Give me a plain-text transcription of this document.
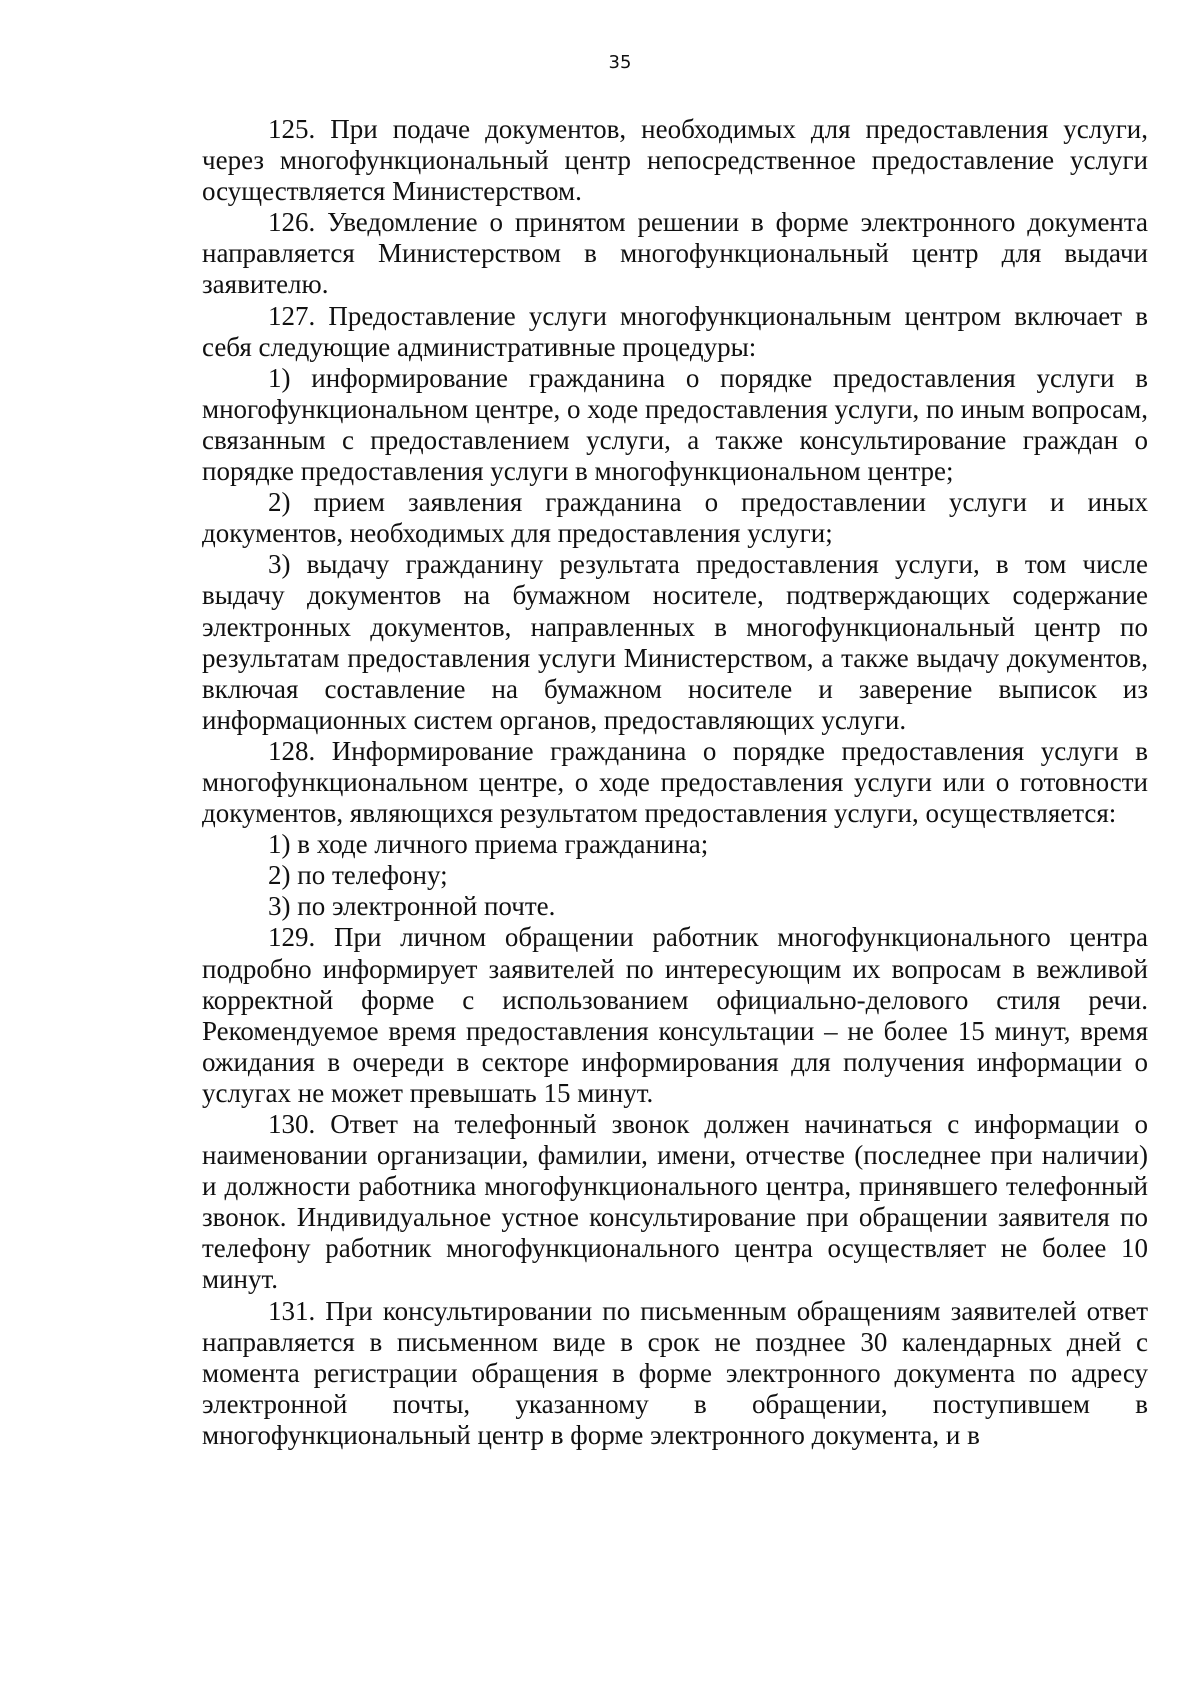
35

125. При подаче документов, необходимых для предоставления услуги, через многофункциональный центр непосредственное предоставление услуги осуществляется Министерством.

126. Уведомление о принятом решении в форме электронного документа направляется Министерством в многофункциональный центр для выдачи заявителю.

127. Предоставление услуги многофункциональным центром включает в себя следующие административные процедуры:

1) информирование гражданина о порядке предоставления услуги в многофункциональном центре, о ходе предоставления услуги, по иным вопросам, связанным с предоставлением услуги, а также консультирование граждан о порядке предоставления услуги в многофункциональном центре;

2) прием заявления гражданина о предоставлении услуги и иных документов, необходимых для предоставления услуги;

3) выдачу гражданину результата предоставления услуги, в том числе выдачу документов на бумажном носителе, подтверждающих содержание электронных документов, направленных в многофункциональный центр по результатам предоставления услуги Министерством, а также выдачу документов, включая составление на бумажном носителе и заверение выписок из информационных систем органов, предоставляющих услуги.

128. Информирование гражданина о порядке предоставления услуги в многофункциональном центре, о ходе предоставления услуги или о готовности документов, являющихся результатом предоставления услуги, осуществляется:

1) в ходе личного приема гражданина;

2) по телефону;

3) по электронной почте.

129. При личном обращении работник многофункционального центра подробно информирует заявителей по интересующим их вопросам в вежливой корректной форме с использованием официально-делового стиля речи. Рекомендуемое время предоставления консультации – не более 15 минут, время ожидания в очереди в секторе информирования для получения информации о услугах не может превышать 15 минут.

130. Ответ на телефонный звонок должен начинаться с информации о наименовании организации, фамилии, имени, отчестве (последнее при наличии) и должности работника многофункционального центра, принявшего телефонный звонок. Индивидуальное устное консультирование при обращении заявителя по телефону работник многофункционального центра осуществляет не более 10 минут.

131. При консультировании по письменным обращениям заявителей ответ направляется в письменном виде в срок не позднее 30 календарных дней с момента регистрации обращения в форме электронного документа по адресу электронной почты, указанному в обращении, поступившем в многофункциональный центр в форме электронного документа, и в
